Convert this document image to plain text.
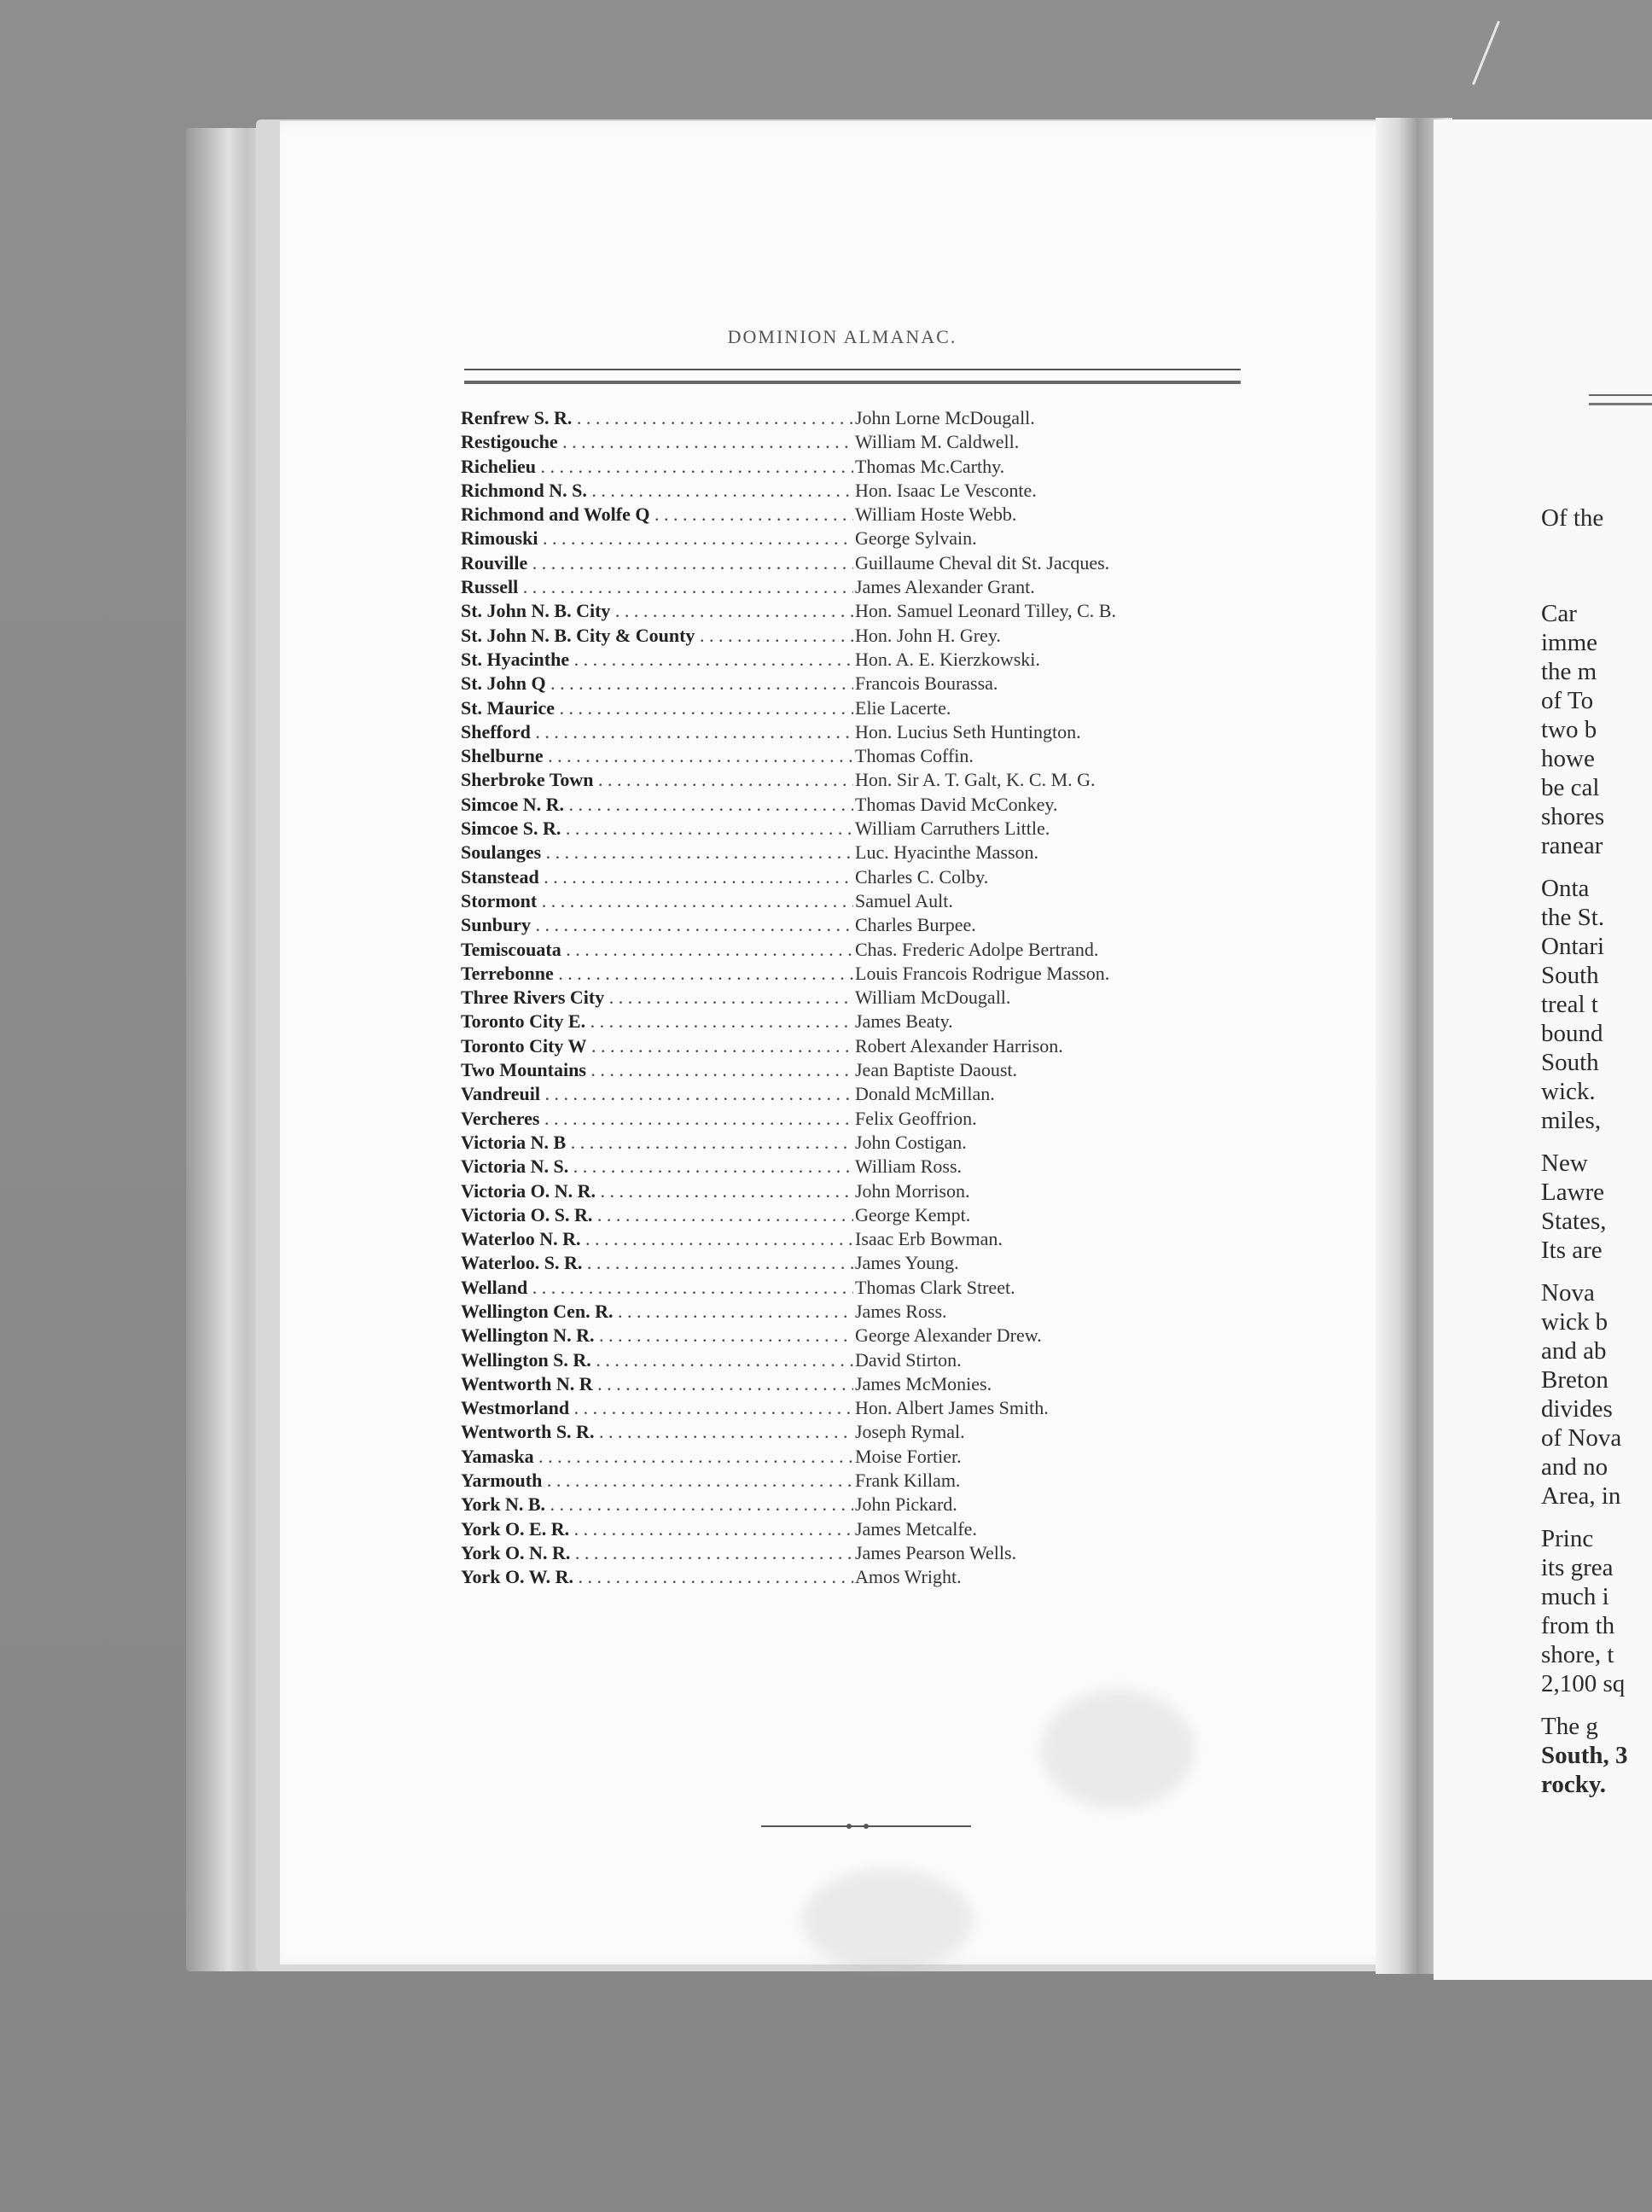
DOMINION ALMANAC.
Renfrew S. R. . . .	John Lorne McDougall.
Restigouche . . .	William M. Caldwell.
Richelieu . . .	Thomas Mc.Carthy.
Richmond N. S. . . .	Hon. Isaac Le Vesconte.
Richmond and Wolfe Q . . .	William Hoste Webb.
Rimouski . . .	George Sylvain.
Rouville . . .	Guillaume Cheval dit St. Jacques.
Russell . . .	James Alexander Grant.
St. John N. B. City . . .	Hon. Samuel Leonard Tilley, C. B.
St. John N. B. City & County . . .	Hon. John H. Grey.
St. Hyacinthe . . .	Hon. A. E. Kierzkowski.
St. John Q . . .	Francois Bourassa.
St. Maurice . . .	Elie Lacerte.
Shefford . . .	Hon. Lucius Seth Huntington.
Shelburne . . .	Thomas Coffin.
Sherbroke Town . . .	Hon. Sir A. T. Galt, K. C. M. G.
Simcoe N. R. . . .	Thomas David McConkey.
Simcoe S. R. . . .	William Carruthers Little.
Soulanges . . .	Luc. Hyacinthe Masson.
Stanstead . . .	Charles C. Colby.
Stormont . . .	Samuel Ault.
Sunbury . . .	Charles Burpee.
Temiscouata . . .	Chas. Frederic Adolpe Bertrand.
Terrebonne . . .	Louis Francois Rodrigue Masson.
Three Rivers City . . .	William McDougall.
Toronto City E. . . .	James Beaty.
Toronto City W . . .	Robert Alexander Harrison.
Two Mountains . . .	Jean Baptiste Daoust.
Vandreuil . . .	Donald McMillan.
Vercheres . . .	Felix Geoffrion.
Victoria N. B . . .	John Costigan.
Victoria N. S. . . .	William Ross.
Victoria O. N. R. . . .	John Morrison.
Victoria O. S. R. . . .	George Kempt.
Waterloo N. R. . . .	Isaac Erb Bowman.
Waterloo. S. R. . . .	James Young.
Welland . . .	Thomas Clark Street.
Wellington Cen. R. . . .	James Ross.
Wellington N. R. . . .	George Alexander Drew.
Wellington S. R. . . .	David Stirton.
Wentworth N. R . . .	James McMonies.
Westmorland . . .	Hon. Albert James Smith.
Wentworth S. R. . . .	Joseph Rymal.
Yamaska . . .	Moise Fortier.
Yarmouth . . .	Frank Killam.
York N. B. . . .	John Pickard.
York O. E. R. . . .	James Metcalfe.
York O. N. R. . . .	James Pearson Wells.
York O. W. R. . . .	Amos Wright.
Of the
Car
imme
the m
of To
two b
howe
be cal
shores
ranear
Onta
the St.
Ontari
South
treal t
bound
South
wick.
miles,
New
Lawre
States,
Its are
Nova
wick b
and ab
Breton
divides
of Nova
and no
Area, in
Princ
its grea
much i
from th
shore, t
2,100 sq
The g
South, 3
rocky.
